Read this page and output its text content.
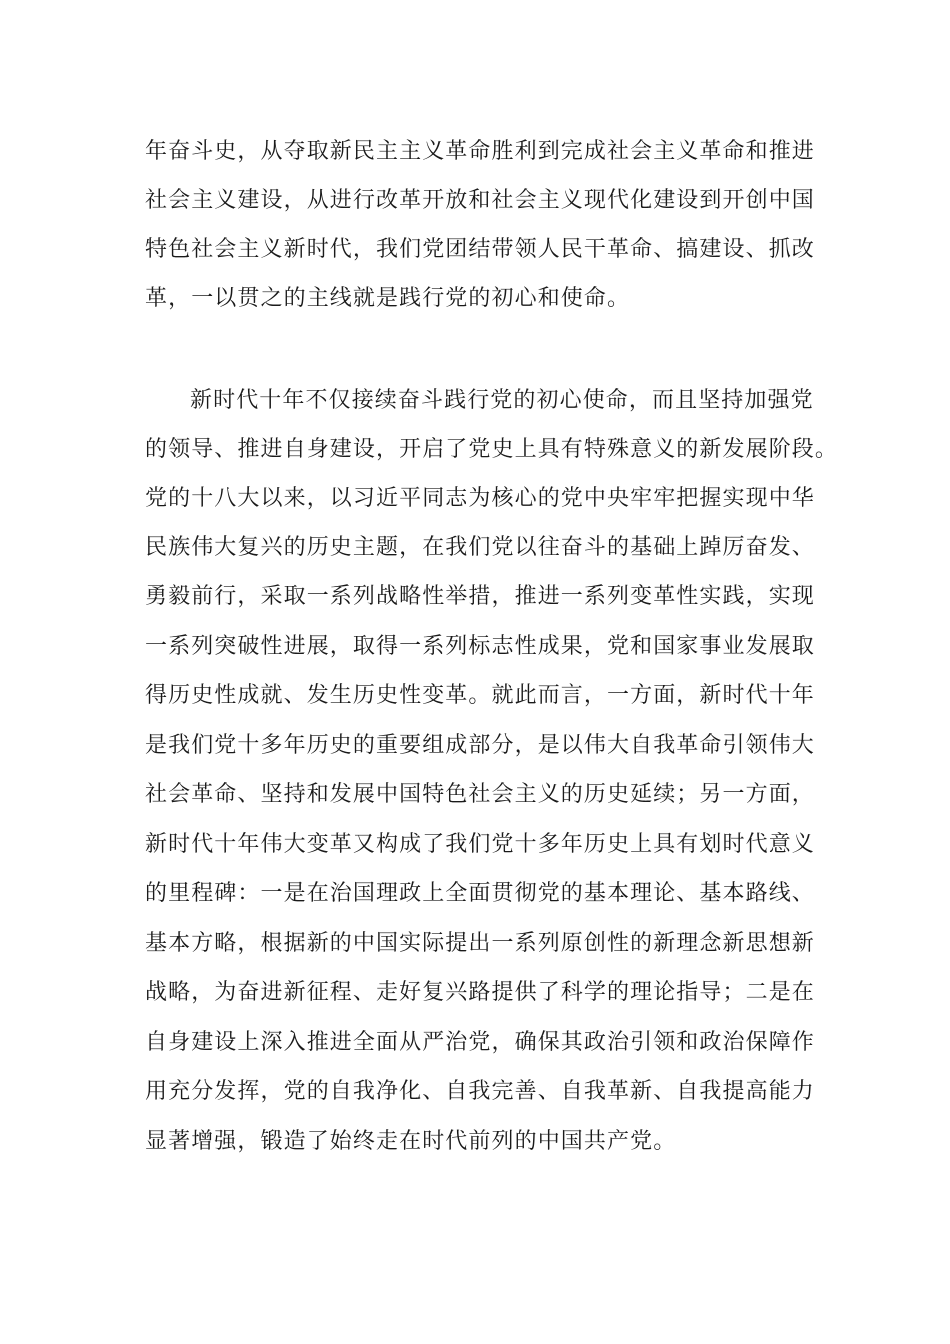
年奋斗史，从夺取新民主主义革命胜利到完成社会主义革命和推进
社会主义建设，从进行改革开放和社会主义现代化建设到开创中国
特色社会主义新时代，我们党团结带领人民干革命、搞建设、抓改
革，一以贯之的主线就是践行党的初心和使命。
新时代十年不仅接续奋斗践行党的初心使命，而且坚持加强党
的领导、推进自身建设，开启了党史上具有特殊意义的新发展阶段。
党的十八大以来，以习近平同志为核心的党中央牢牢把握实现中华
民族伟大复兴的历史主题，在我们党以往奋斗的基础上踔厉奋发、
勇毅前行，采取一系列战略性举措，推进一系列变革性实践，实现
一系列突破性进展，取得一系列标志性成果，党和国家事业发展取
得历史性成就、发生历史性变革。就此而言，一方面，新时代十年
是我们党十多年历史的重要组成部分，是以伟大自我革命引领伟大
社会革命、坚持和发展中国特色社会主义的历史延续；另一方面，
新时代十年伟大变革又构成了我们党十多年历史上具有划时代意义
的里程碑：一是在治国理政上全面贯彻党的基本理论、基本路线、
基本方略，根据新的中国实际提出一系列原创性的新理念新思想新
战略，为奋进新征程、走好复兴路提供了科学的理论指导；二是在
自身建设上深入推进全面从严治党，确保其政治引领和政治保障作
用充分发挥，党的自我净化、自我完善、自我革新、自我提高能力
显著增强，锻造了始终走在时代前列的中国共产党。
